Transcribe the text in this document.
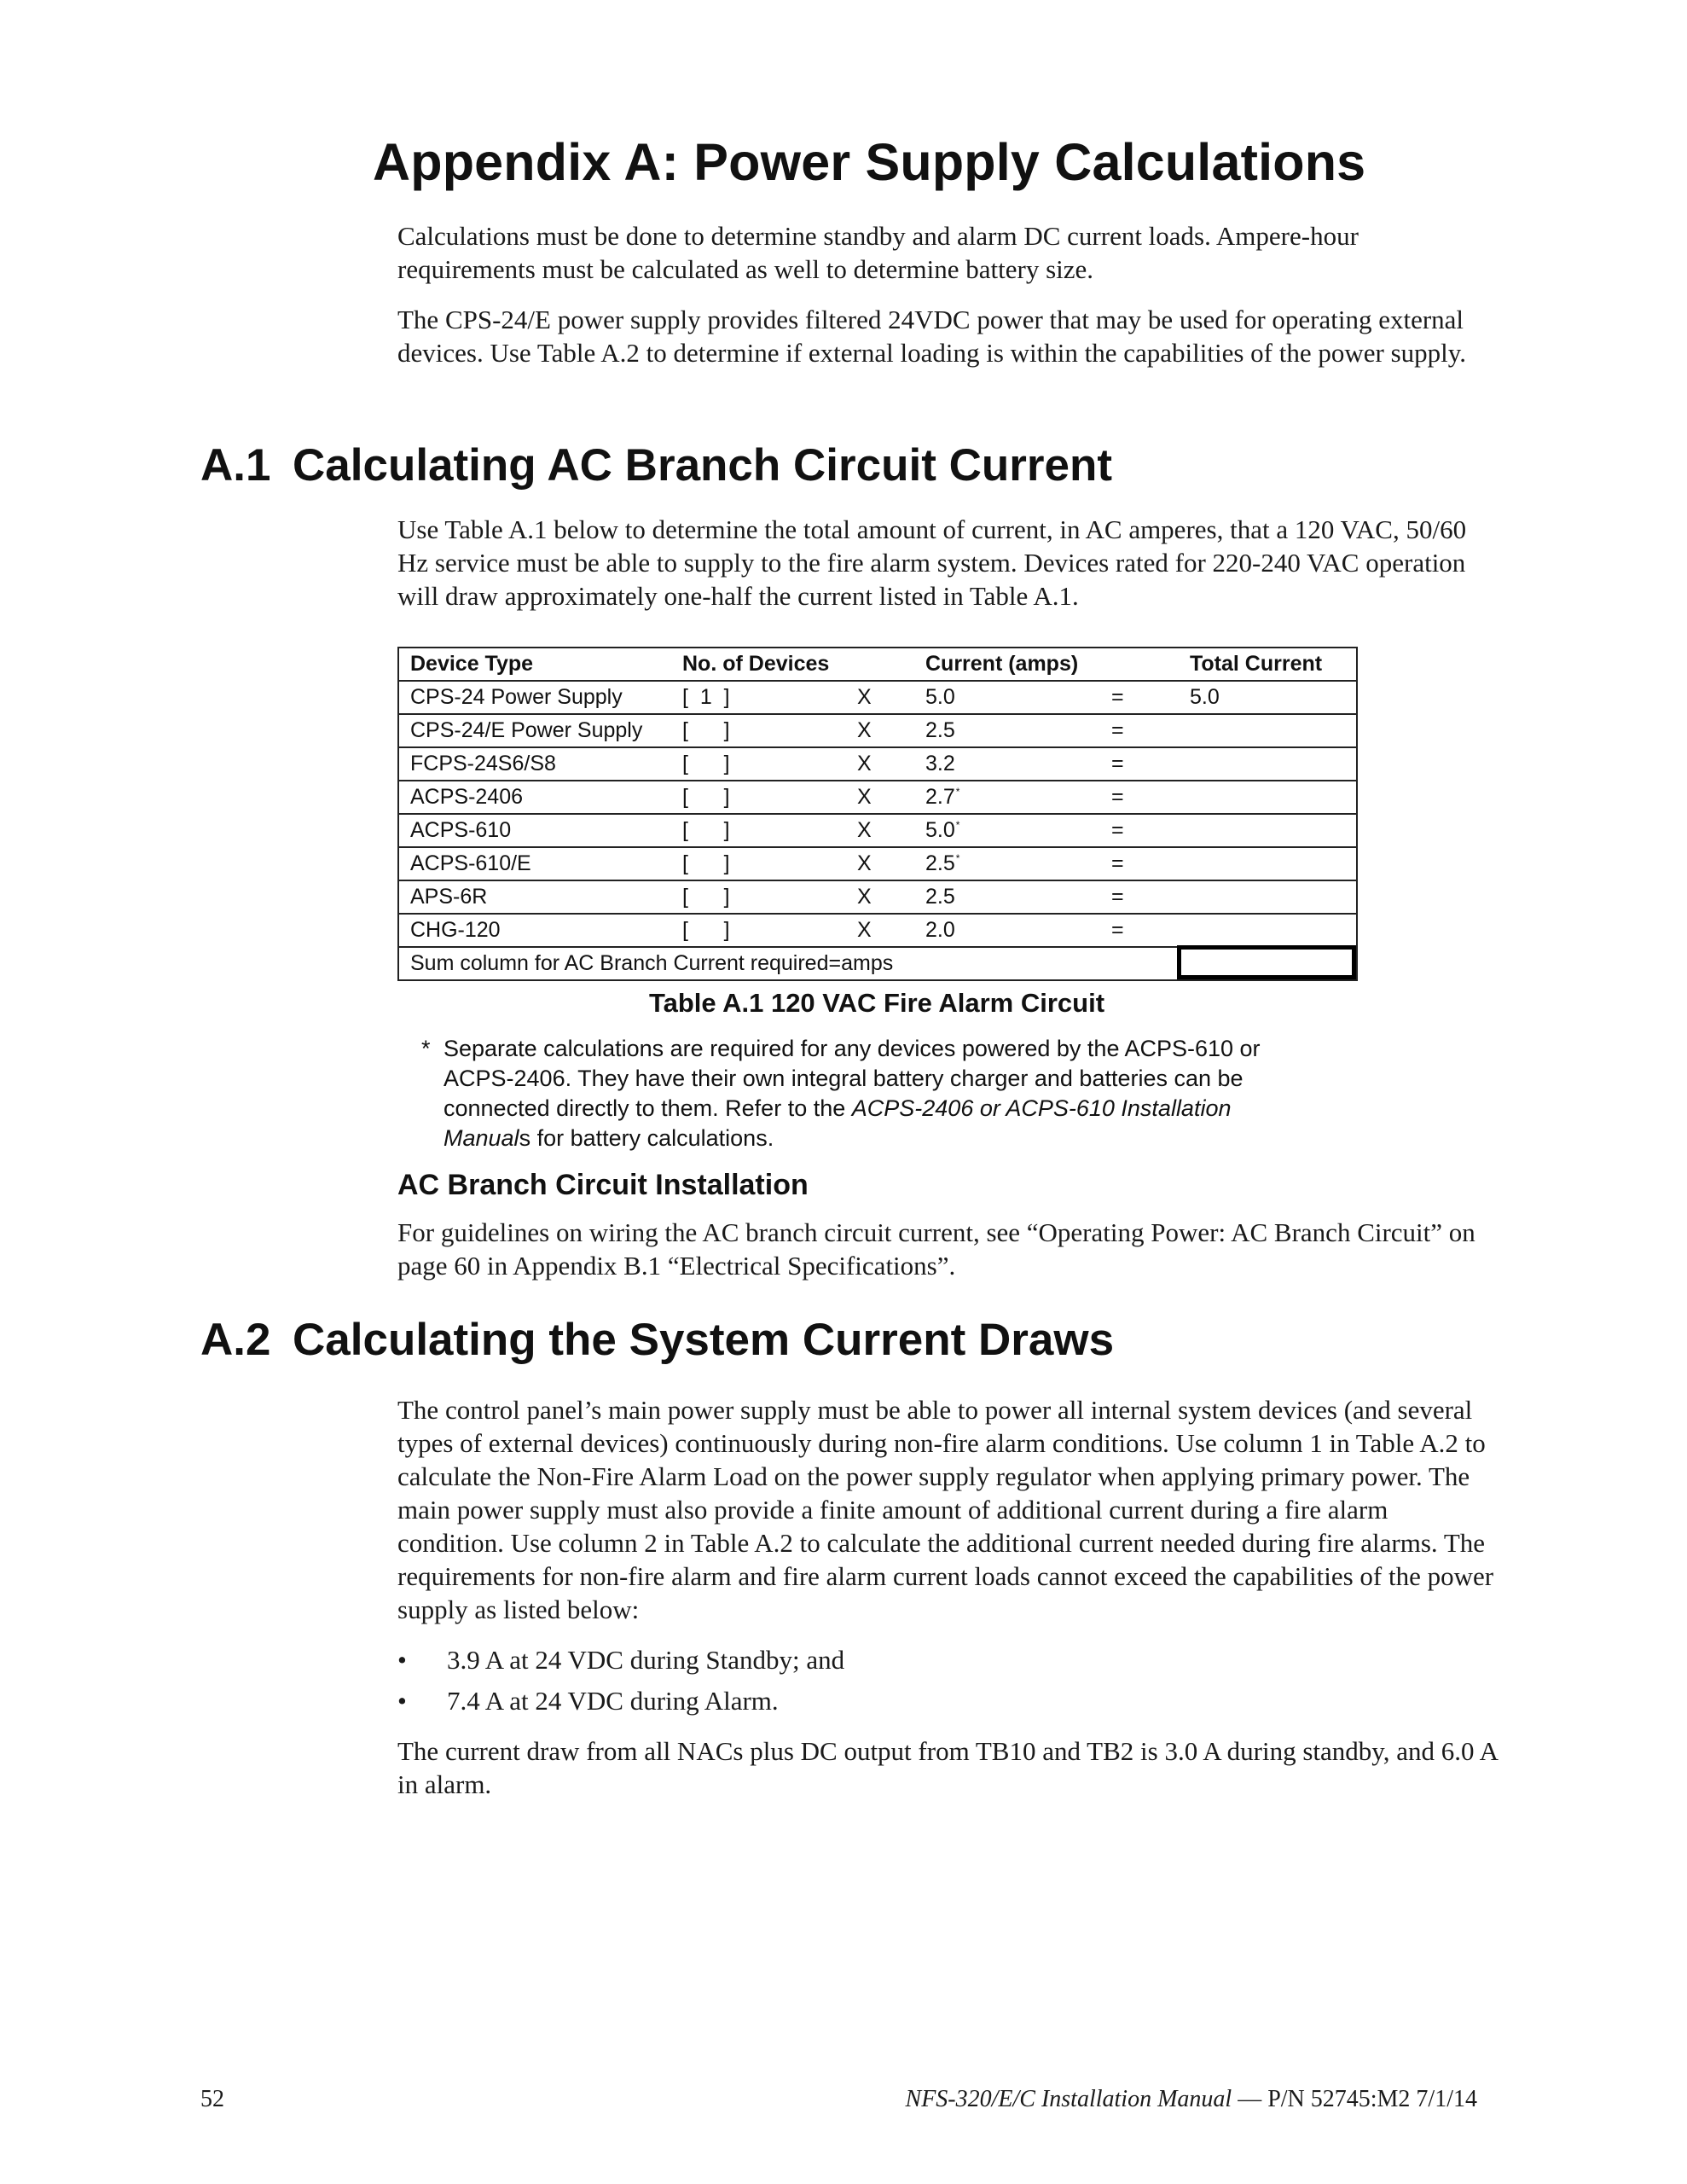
Appendix A: Power Supply Calculations

Calculations must be done to determine standby and alarm DC current loads. Ampere-hour requirements must be calculated as well to determine battery size.

The CPS-24/E power supply provides filtered 24VDC power that may be used for operating external devices. Use Table A.2 to determine if external loading is within the capabilities of the power supply.

A.1 Calculating AC Branch Circuit Current

Use Table A.1 below to determine the total amount of current, in AC amperes, that a 120 VAC, 50/60 Hz service must be able to supply to the fire alarm system. Devices rated for 220-240 VAC operation will draw approximately one-half the current listed in Table A.1.

Device Type	No. of Devices		Current (amps)		Total Current
CPS-24 Power Supply	[  1  ]	X	5.0	=	5.0
CPS-24/E Power Supply	[      ]	X	2.5	=	
FCPS-24S6/S8	[      ]	X	3.2	=	
ACPS-2406	[      ]	X	2.7*	=	
ACPS-610	[      ]	X	5.0*	=	
ACPS-610/E	[      ]	X	2.5*	=	
APS-6R	[      ]	X	2.5	=	
CHG-120	[      ]	X	2.0	=	
Sum column for AC Branch Current required=amps					
Table A.1 120 VAC Fire Alarm Circuit
* Separate calculations are required for any devices powered by the ACPS-610 or ACPS-2406. They have their own integral battery charger and batteries can be connected directly to them. Refer to the ACPS-2406 or ACPS-610 Installation Manuals for battery calculations.
AC Branch Circuit Installation

For guidelines on wiring the AC branch circuit current, see “Operating Power: AC Branch Circuit” on page 60 in Appendix B.1 “Electrical Specifications”.

A.2 Calculating the System Current Draws

The control panel’s main power supply must be able to power all internal system devices (and several types of external devices) continuously during non-fire alarm conditions. Use column 1 in Table A.2 to calculate the Non-Fire Alarm Load on the power supply regulator when applying primary power. The main power supply must also provide a finite amount of additional current during a fire alarm condition. Use column 2 in Table A.2 to calculate the additional current needed during fire alarms. The requirements for non-fire alarm and fire alarm current loads cannot exceed the capabilities of the power supply as listed below:

• 3.9 A at 24 VDC during Standby; and
• 7.4 A at 24 VDC during Alarm.

The current draw from all NACs plus DC output from TB10 and TB2 is 3.0 A during standby, and 6.0 A in alarm.

52	NFS-320/E/C Installation Manual — P/N 52745:M2 7/1/14
